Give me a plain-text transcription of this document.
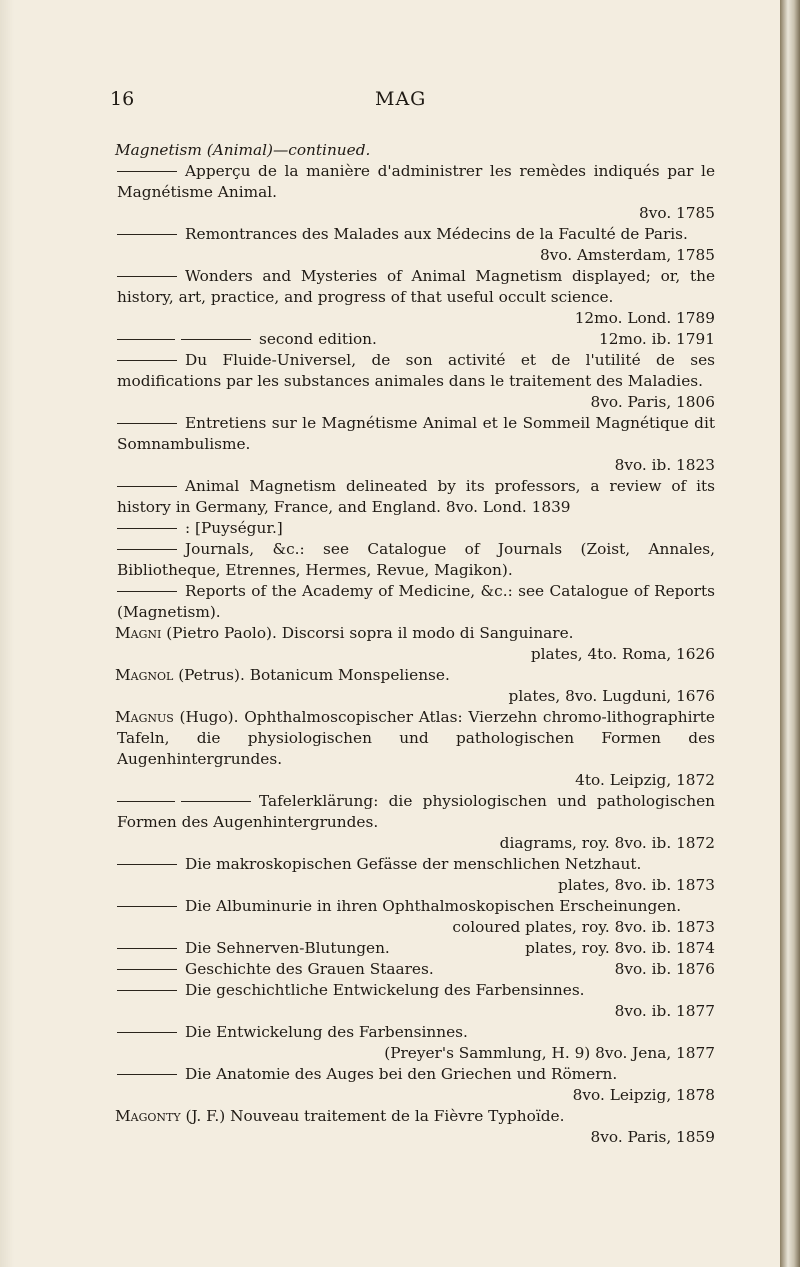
16	MAG

Magnetism (Animal)—continued.

Apperçu de la manière d'administrer les remèdes indiqués par le Magnétisme Animal.
8vo. 1785

Remontrances des Malades aux Médecins de la Faculté de Paris.
8vo. Amsterdam, 1785

Wonders and Mysteries of Animal Magnetism displayed; or, the history, art, practice, and progress of that useful occult science.
12mo. Lond. 1789

second edition.	12mo. ib. 1791

Du Fluide-Universel, de son activité et de l'utilité de ses modifications par les substances animales dans le traitement des Maladies.
8vo. Paris, 1806

Entretiens sur le Magnétisme Animal et le Sommeil Magnétique dit Somnambulisme.
8vo. ib. 1823

Animal Magnetism delineated by its professors, a review of its history in Germany, France, and England. 8vo. Lond. 1839

: [Puységur.]

Journals, &c.: see Catalogue of Journals (Zoist, Annales, Bibliotheque, Etrennes, Hermes, Revue, Magikon).

Reports of the Academy of Medicine, &c.: see Catalogue of Reports (Magnetism).

Magni (Pietro Paolo). Discorsi sopra il modo di Sanguinare.
plates, 4to. Roma, 1626

Magnol (Petrus). Botanicum Monspeliense.
plates, 8vo. Lugduni, 1676

Magnus (Hugo). Ophthalmoscopischer Atlas: Vierzehn chromo-lithographirte Tafeln, die physiologischen und pathologischen Formen des Augenhintergrundes.
4to. Leipzig, 1872

Tafelerklärung: die physiologischen und pathologischen Formen des Augenhintergrundes.
diagrams, roy. 8vo. ib. 1872

Die makroskopischen Gefässe der menschlichen Netzhaut.
plates, 8vo. ib. 1873

Die Albuminurie in ihren Ophthalmoskopischen Erscheinungen.
coloured plates, roy. 8vo. ib. 1873

Die Sehnerven-Blutungen.	plates, roy. 8vo. ib. 1874

Geschichte des Grauen Staares.	8vo. ib. 1876

Die geschichtliche Entwickelung des Farbensinnes.
8vo. ib. 1877

Die Entwickelung des Farbensinnes.
(Preyer's Sammlung, H. 9) 8vo. Jena, 1877

Die Anatomie des Auges bei den Griechen und Römern.
8vo. Leipzig, 1878

Magonty (J. F.) Nouveau traitement de la Fièvre Typhoïde.
8vo. Paris, 1859
